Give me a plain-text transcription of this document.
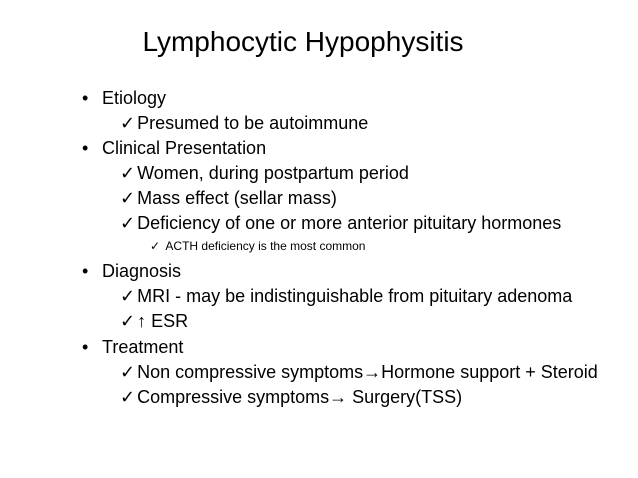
Lymphocytic Hypophysitis
• Etiology
✓ Presumed to be autoimmune
• Clinical Presentation
✓ Women, during postpartum period
✓ Mass effect (sellar mass)
✓ Deficiency of one or more anterior pituitary hormones
✓ ACTH deficiency is the most common
• Diagnosis
✓ MRI - may be indistinguishable from pituitary adenoma
✓ ↑ ESR
• Treatment
✓ Non compressive symptoms→Hormone support + Steroid
✓ Compressive symptoms→ Surgery(TSS)
